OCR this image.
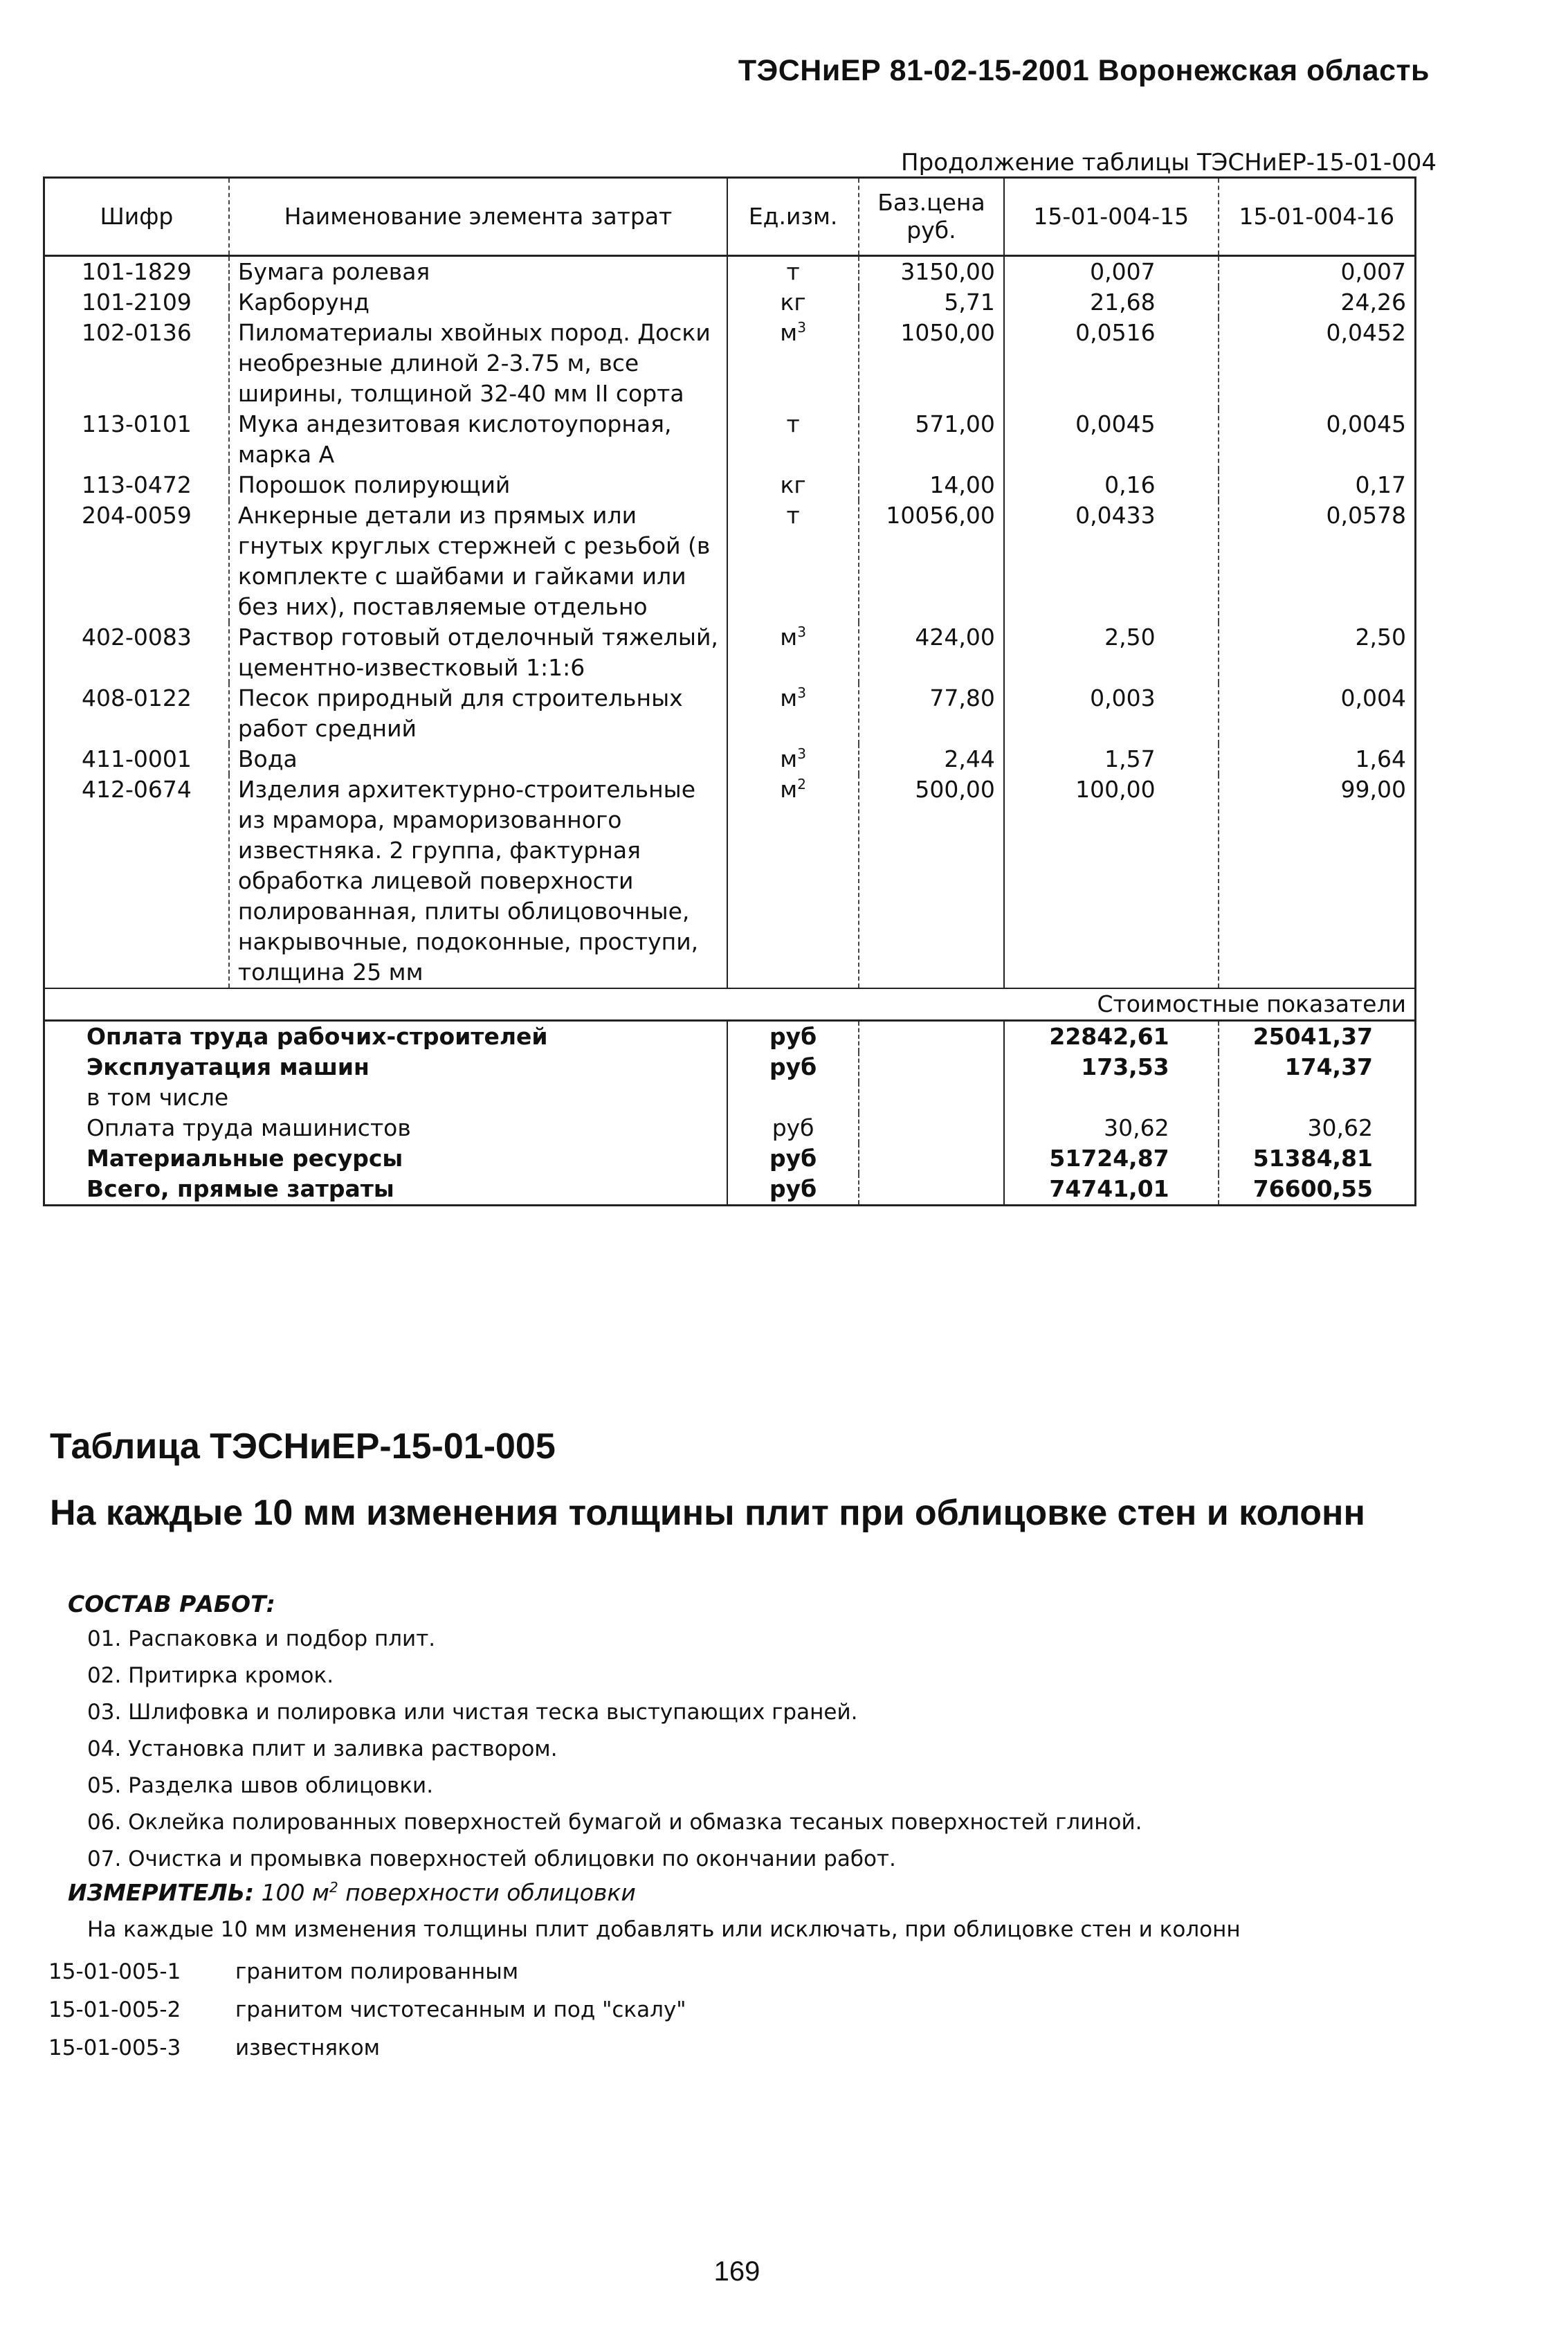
ТЭСНиЕР 81-02-15-2001 Воронежская область
Продолжение таблицы ТЭСНиЕР-15-01-004
Шифр	Наименование элемента затрат	Ед.изм.	Баз.цена руб.	15-01-004-15	15-01-004-16
101-1829	Бумага ролевая	т	3150,00	0,007	0,007
101-2109	Карборунд	кг	5,71	21,68	24,26
102-0136	Пиломатериалы хвойных пород. Доски необрезные длиной 2-3.75 м, все ширины, толщиной 32-40 мм II сорта	$м^3$	1050,00	0,0516	0,0452
113-0101	Мука андезитовая кислотоупорная, марка А	т	571,00	0,0045	0,0045
113-0472	Порошок полирующий	кг	14,00	0,16	0,17
204-0059	Анкерные детали из прямых или гнутых круглых стержней с резьбой (в комплекте с шайбами и гайками или без них), поставляемые отдельно	т	10056,00	0,0433	0,0578
402-0083	Раствор готовый отделочный тяжелый, цементно-известковый 1:1:6	$м^3$	424,00	2,50	2,50
408-0122	Песок природный для строительных работ средний	$м^3$	77,80	0,003	0,004
411-0001	Вода	$м^3$	2,44	1,57	1,64
412-0674	Изделия архитектурно-строительные из мрамора, мраморизованного известняка. 2 группа, фактурная обработка лицевой поверхности полированная, плиты облицовочные, накрывочные, подоконные, проступи, толщина 25 мм	$м^2$	500,00	100,00	99,00
Стоимостные показатели					
Оплата труда рабочих-строителей		руб		22842,61	25041,37
Эксплуатация машин		руб		173,53	174,37
в том числе					
Оплата труда машинистов		руб		30,62	30,62
Материальные ресурсы		руб		51724,87	51384,81
Всего, прямые затраты		руб		74741,01	76600,55
Таблица ТЭСНиЕР-15-01-005
На каждые 10 мм изменения толщины плит при облицовке стен и колонн
СОСТАВ РАБОТ:
01. Распаковка и подбор плит.
02. Притирка кромок.
03. Шлифовка и полировка или чистая теска выступающих граней.
04. Установка плит и заливка раствором.
05. Разделка швов облицовки.
06. Оклейка полированных поверхностей бумагой и обмазка тесаных поверхностей глиной.
07. Очистка и промывка поверхностей облицовки по окончании работ.
ИЗМЕРИТЕЛЬ: 100 $м^2$ поверхности облицовки
На каждые 10 мм изменения толщины плит добавлять или исключать, при облицовке стен и колонн
15-01-005-1	гранитом полированным
15-01-005-2	гранитом чистотесанным и под "скалу"
15-01-005-3	известняком
169
